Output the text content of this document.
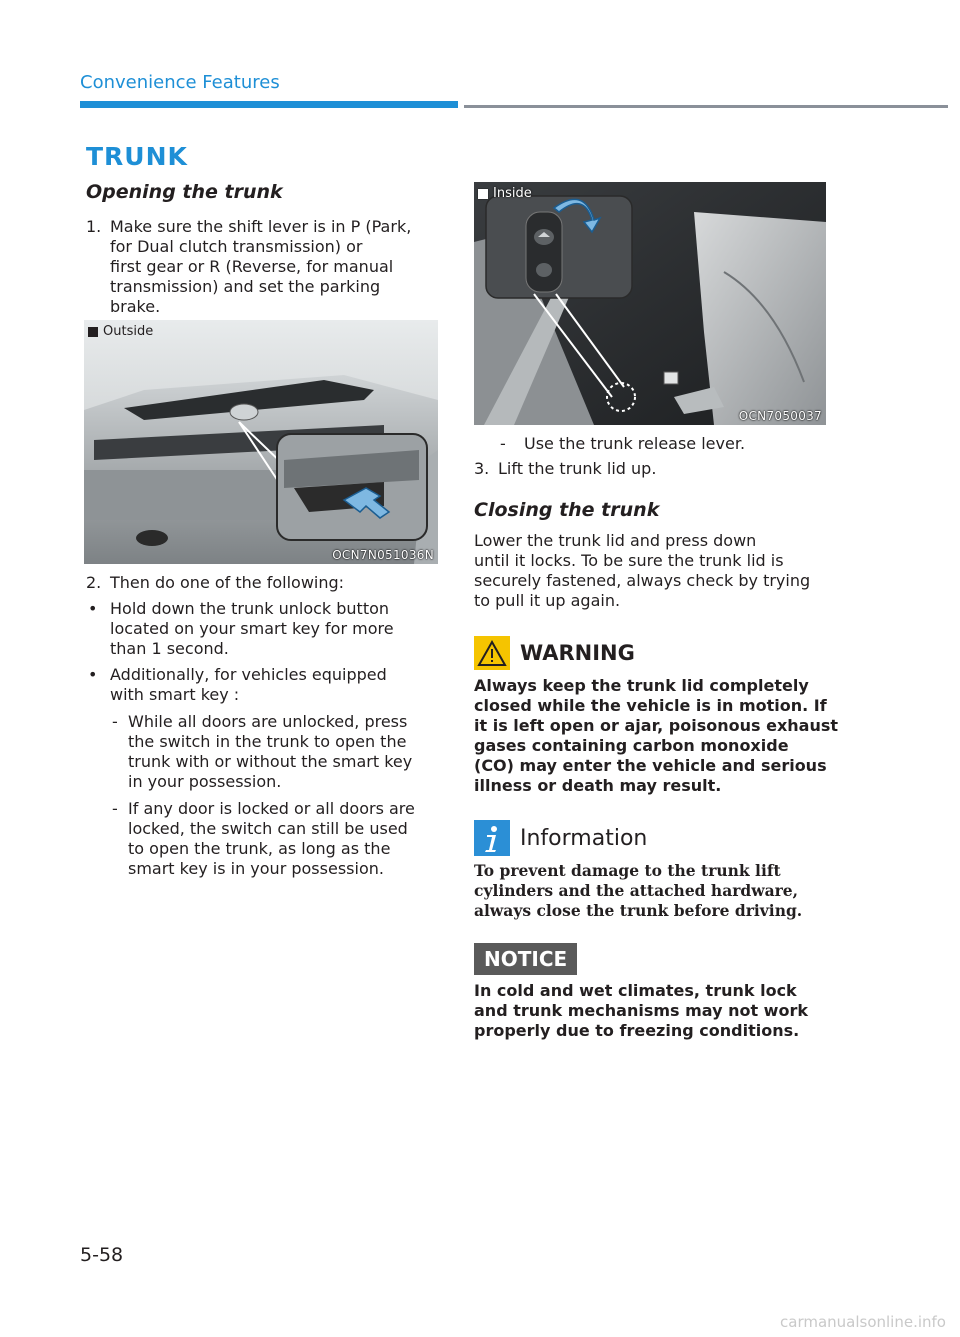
Convenience Features
TRUNK
Opening the trunk
1. Make sure the shift lever is in P (Park,
for Dual clutch transmission) or
first gear or R (Reverse, for manual
transmission) and set the parking
brake.
Outside
OCN7N051036N
2. Then do one of the following:
• Hold down the trunk unlock button
located on your smart key for more
than 1 second.
• Additionally, for vehicles equipped
with smart key :
- While all doors are unlocked, press
the switch in the trunk to open the
trunk with or without the smart key
in your possession.
- If any door is locked or all doors are
locked, the switch can still be used
to open the trunk, as long as the
smart key is in your possession.
Inside
OCN7050037
- Use the trunk release lever.
3. Lift the trunk lid up.
Closing the trunk
Lower the trunk lid and press down
until it locks. To be sure the trunk lid is
securely fastened, always check by trying
to pull it up again.
WARNING
Always keep the trunk lid completely
closed while the vehicle is in motion. If
it is left open or ajar, poisonous exhaust
gases containing carbon monoxide
(CO) may enter the vehicle and serious
illness or death may result.
Information
To prevent damage to the trunk lift
cylinders and the attached hardware,
always close the trunk before driving.
NOTICE
In cold and wet climates, trunk lock
and trunk mechanisms may not work
properly due to freezing conditions.
5-58
carmanualsonline.info
